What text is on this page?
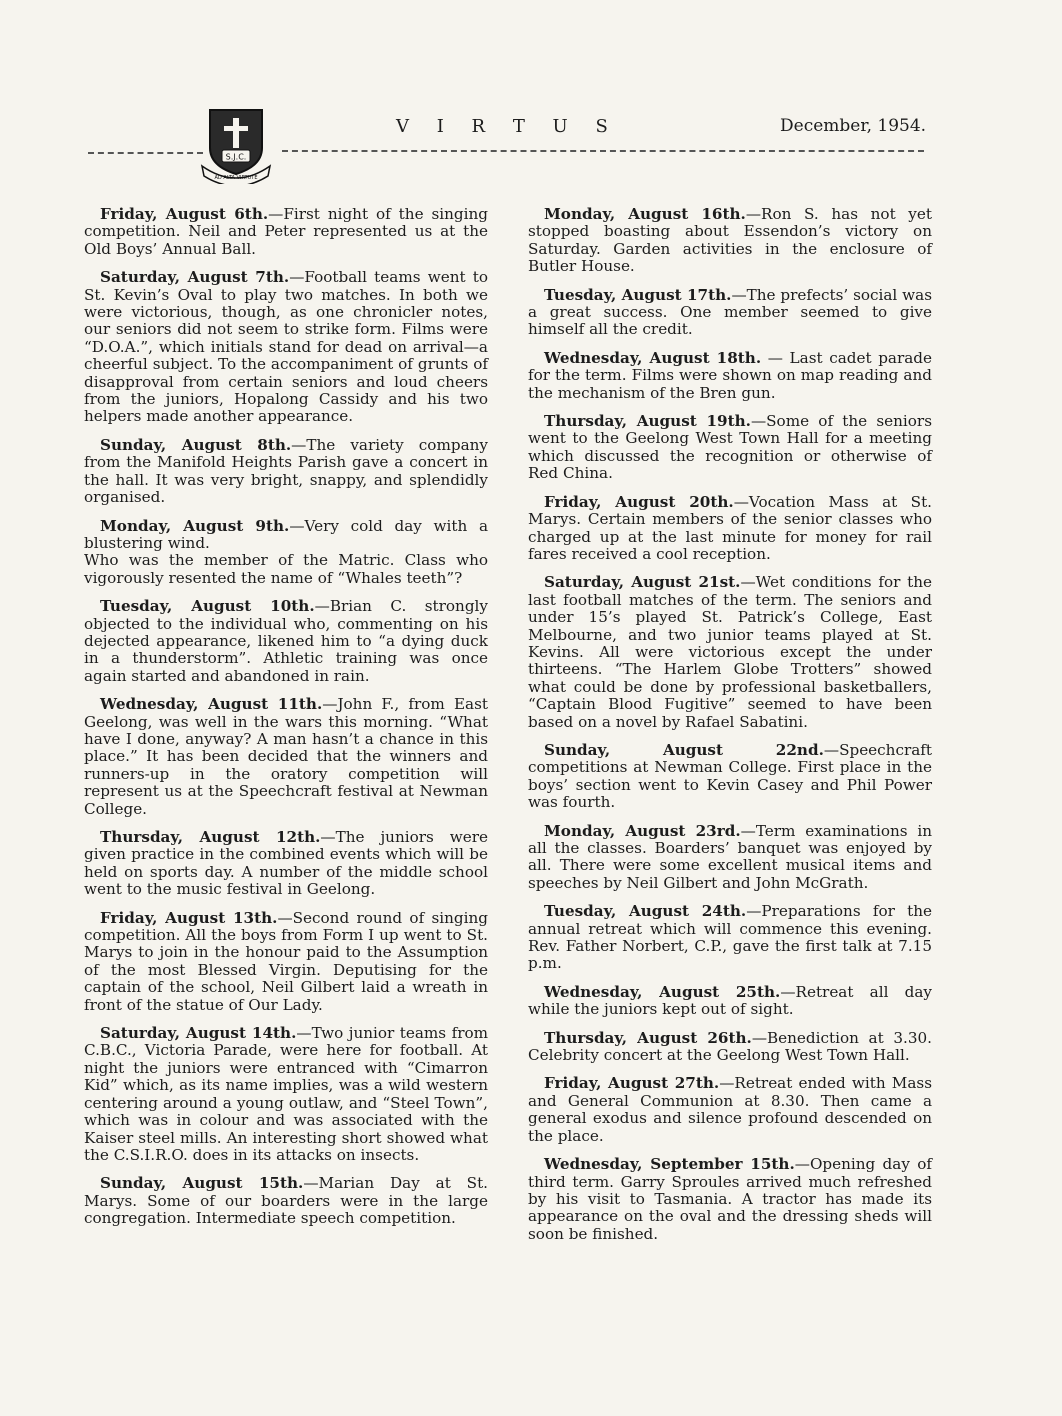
S.J.C.
AD ALTA VIRTUTE
V I R T U S	December, 1954.

Friday, August 6th.—First night of the singing competition. Neil and Peter represented us at the Old Boys’ Annual Ball.

Saturday, August 7th.—Football teams went to St. Kevin’s Oval to play two matches. In both we were victorious, though, as one chronicler notes, our seniors did not seem to strike form. Films were “D.O.A.”, which initials stand for dead on arrival—a cheerful subject. To the accompaniment of grunts of disapproval from certain seniors and loud cheers from the juniors, Hopalong Cassidy and his two helpers made another appearance.

Sunday, August 8th.—The variety company from the Manifold Heights Parish gave a concert in the hall. It was very bright, snappy, and splendidly organised.

Monday, August 9th.—Very cold day with a blustering wind.

Who was the member of the Matric. Class who vigorously resented the name of “Whales teeth”?

Tuesday, August 10th.—Brian C. strongly objected to the individual who, commenting on his dejected appearance, likened him to “a dying duck in a thunderstorm”. Athletic training was once again started and abandoned in rain.

Wednesday, August 11th.—John F., from East Geelong, was well in the wars this morning. “What have I done, anyway? A man hasn’t a chance in this place.” It has been decided that the winners and runners-up in the oratory competition will represent us at the Speechcraft festival at Newman College.

Thursday, August 12th.—The juniors were given practice in the combined events which will be held on sports day. A number of the middle school went to the music festival in Geelong.

Friday, August 13th.—Second round of singing competition. All the boys from Form I up went to St. Marys to join in the honour paid to the Assumption of the most Blessed Virgin. Deputising for the captain of the school, Neil Gilbert laid a wreath in front of the statue of Our Lady.

Saturday, August 14th.—Two junior teams from C.B.C., Victoria Parade, were here for football. At night the juniors were entranced with “Cimarron Kid” which, as its name implies, was a wild western centering around a young outlaw, and “Steel Town”, which was in colour and was associated with the Kaiser steel mills. An interesting short showed what the C.S.I.R.O. does in its attacks on insects.

Sunday, August 15th.—Marian Day at St. Marys. Some of our boarders were in the large congregation. Intermediate speech competition.

Monday, August 16th.—Ron S. has not yet stopped boasting about Essendon’s victory on Saturday. Garden activities in the enclosure of Butler House.

Tuesday, August 17th.—The prefects’ social was a great success. One member seemed to give himself all the credit.

Wednesday, August 18th. — Last cadet parade for the term. Films were shown on map reading and the mechanism of the Bren gun.

Thursday, August 19th.—Some of the seniors went to the Geelong West Town Hall for a meeting which discussed the recognition or otherwise of Red China.

Friday, August 20th.—Vocation Mass at St. Marys. Certain members of the senior classes who charged up at the last minute for money for rail fares received a cool reception.

Saturday, August 21st.—Wet conditions for the last football matches of the term. The seniors and under 15’s played St. Patrick’s College, East Melbourne, and two junior teams played at St. Kevins. All were victorious except the under thirteens. “The Harlem Globe Trotters” showed what could be done by professional basketballers, “Captain Blood Fugitive” seemed to have been based on a novel by Rafael Sabatini.

Sunday, August 22nd.—Speechcraft competitions at Newman College. First place in the boys’ section went to Kevin Casey and Phil Power was fourth.

Monday, August 23rd.—Term examinations in all the classes. Boarders’ banquet was enjoyed by all. There were some excellent musical items and speeches by Neil Gilbert and John McGrath.

Tuesday, August 24th.—Preparations for the annual retreat which will commence this evening. Rev. Father Norbert, C.P., gave the first talk at 7.15 p.m.

Wednesday, August 25th.—Retreat all day while the juniors kept out of sight.

Thursday, August 26th.—Benediction at 3.30. Celebrity concert at the Geelong West Town Hall.

Friday, August 27th.—Retreat ended with Mass and General Communion at 8.30. Then came a general exodus and silence profound descended on the place.

Wednesday, September 15th.—Opening day of third term. Garry Sproules arrived much refreshed by his visit to Tasmania. A tractor has made its appearance on the oval and the dressing sheds will soon be finished.
